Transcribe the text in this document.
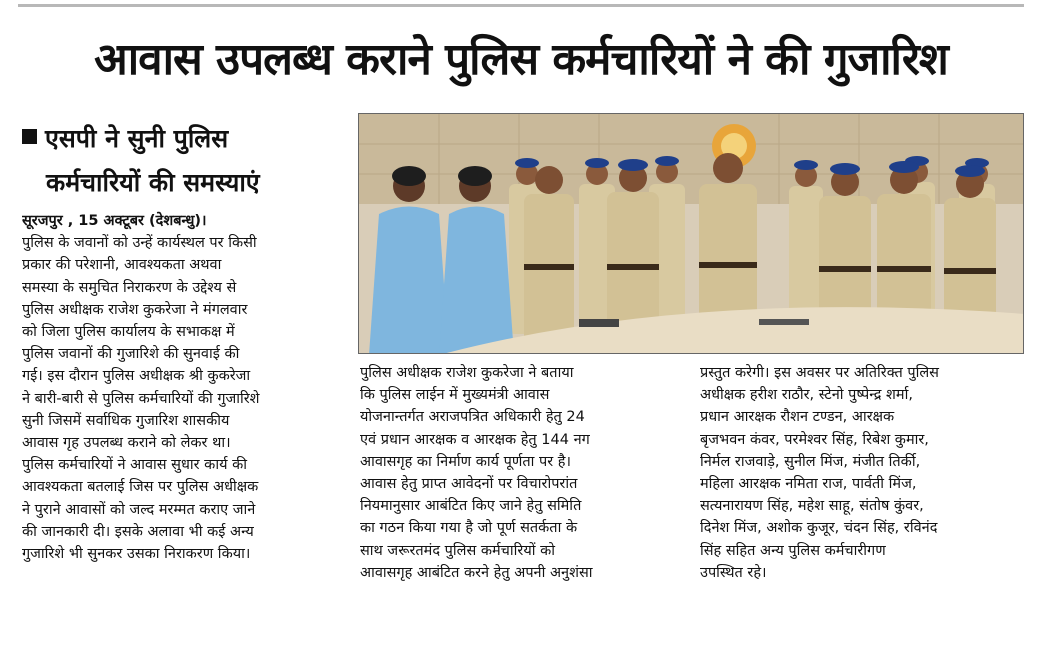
आवास उपलब्ध कराने पुलिस कर्मचारियों ने की गुजारिश
एसपी ने सुनी पुलिस
कर्मचारियों की समस्याएं
सूरजपुर , 15 अक्टूबर (देशबन्धु)।
पुलिस के जवानों को उन्हें कार्यस्थल पर किसी
प्रकार की परेशानी, आवश्यकता अथवा
समस्या के समुचित निराकरण के उद्देश्य से
पुलिस अधीक्षक राजेश कुकरेजा ने मंगलवार
को जिला पुलिस कार्यालय के सभाकक्ष में
पुलिस जवानों की गुजारिशे की सुनवाई की
गई। इस दौरान पुलिस अधीक्षक श्री कुकरेजा
ने बारी-बारी से पुलिस कर्मचारियों की गुजारिशे
सुनी जिसमें सर्वाधिक गुजारिश शासकीय
आवास गृह उपलब्ध कराने को लेकर था।
पुलिस कर्मचारियों ने आवास सुधार कार्य की
आवश्यकता बतलाई जिस पर पुलिस अधीक्षक
ने पुराने आवासों को जल्द मरम्मत कराए जाने
की जानकारी दी। इसके अलावा भी कई अन्य
गुजारिशे भी सुनकर उसका निराकरण किया।
पुलिस अधीक्षक राजेश कुकरेजा ने बताया
कि पुलिस लाईन में मुख्यमंत्री आवास
योजनान्तर्गत अराजपत्रित अधिकारी हेतु 24
एवं प्रधान आरक्षक व आरक्षक हेतु 144 नग
आवासगृह का निर्माण कार्य पूर्णता पर है।
आवास हेतु प्राप्त आवेदनों पर विचारोपरांत
नियमानुसार आबंटित किए जाने हेतु समिति
का गठन किया गया है जो पूर्ण सतर्कता के
साथ जरूरतमंद पुलिस कर्मचारियों को
आवासगृह आबंटित करने हेतु अपनी अनुशंसा
प्रस्तुत करेगी। इस अवसर पर अतिरिक्त पुलिस
अधीक्षक हरीश राठौर, स्टेनो पुष्पेन्द्र शर्मा,
प्रधान आरक्षक रौशन टण्डन, आरक्षक
बृजभवन कंवर, परमेश्वर सिंह, रिबेश कुमार,
निर्मल राजवाड़े, सुनील मिंज, मंजीत तिर्की,
महिला आरक्षक नमिता राज, पार्वती मिंज,
सत्यनारायण सिंह, महेश साहू, संतोष कुंवर,
दिनेश मिंज, अशोक कुजूर, चंदन सिंह, रविनंद
सिंह सहित अन्य पुलिस कर्मचारीगण
उपस्थित रहे।
